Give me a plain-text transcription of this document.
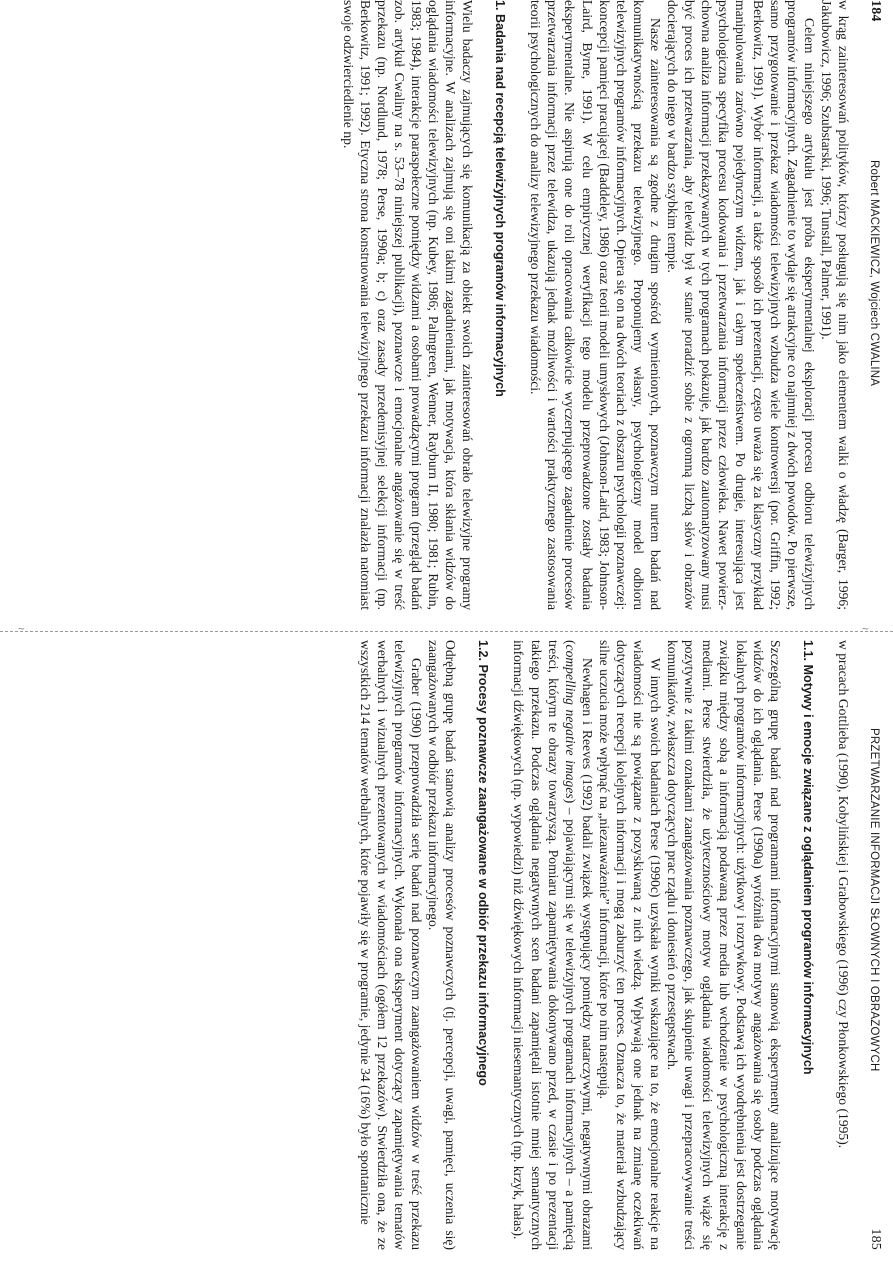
~	~
184
Robert MACKIEWICZ, Wojciech CWALINA

w krąg zainteresowań polityków, którzy posługują się nim jako elementem walki o władzę (Barger, 1996; Jakubowicz, 1996; Szubstarski, 1996; Tunstall, Palmer, 1991).

Celem niniejszego artykułu jest próba eksperymentalnej eksploracji procesu odbioru telewizyjnych programów informacyjnych. Zagadnienie to wydaje się atrakcyjne co najmniej z dwóch powodów. Po pierwsze, samo przygotowanie i przekaz wiadomości telewizyjnych wzbudza wiele kontrowersji (por. Griffin, 1992; Berkowitz, 1991). Wybór informacji, a także sposób ich prezentacji, często uważa się za klasyczny przykład manipulowania zarówno pojedynczym widzem, jak i całym społeczeństwem. Po drugie, interesująca jest psychologiczna specyfika procesu kodowania i przetwarzania informacji przez człowieka. Nawet powierzchowna analiza informacji przekazywanych w tych programach pokazuje, jak bardzo zautomatyzowany musi być proces ich przetwarzania, aby telewidz był w stanie poradzić sobie z ogromną liczbą słów i obrazów docierających do niego w bardzo szybkim tempie.

Nasze zainteresowania są zgodne z drugim spośród wymienionych, poznawczym nurtem badań nad komunikatywnością przekazu telewizyjnego. Proponujemy własny, psychologiczny model odbioru telewizyjnych programów informacyjnych. Opiera się on na dwóch teoriach z obszaru psychologii poznawczej: koncepcji pamięci pracującej (Baddeley, 1986) oraz teorii modeli umysłowych (Johnson-Laird, 1983; Johnson-Laird, Byrne, 1991). W celu empirycznej weryfikacji tego modelu przeprowadzone zostały badania eksperymentalne. Nie aspirują one do roli opracowania całkowicie wyczerpującego zagadnienie procesów przetwarzania informacji przez telewidza, ukazują jednak możliwości i wartości praktycznego zastosowania teorii psychologicznych do analizy telewizyjnego przekazu wiadomości.

1. Badania nad recepcją telewizyjnych programów informacyjnych

Wielu badaczy zajmujących się komunikacją za obiekt swoich zainteresowań obrało telewizyjne programy informacyjne. W analizach zajmują się oni takimi zagadnieniami, jak motywacja, która skłania widzów do oglądania wiadomości telewizyjnych (np. Kubey, 1986; Palmgreen, Wenner, Rayburn II, 1980; 1981; Rubin, 1983; 1984), interakcje paraspołeczne pomiędzy widzami a osobami prowadzącymi program (przegląd badań zob. artykuł Cwaliny na s. 53–78 niniejszej publikacji), poznawcze i emocjonalne angażowanie się w treść przekazu (np. Nordlund, 1978; Perse, 1990a; b; c) oraz zasady przedemisyjnej selekcji informacji (np. Berkowitz, 1991; 1992). Etyczna strona konstruowania telewizyjnego przekazu informacji znalazła natomiast swoje odzwierciedlenie np.

PRZETWARZANIE INFORMACJI SŁOWNYCH I OBRAZOWYCH
185

w pracach Gottlieba (1990), Kobylińskiej i Grabowskiego (1996) czy Płonkowskiego (1995).

1.1. Motywy i emocje związane z oglądaniem programów informacyjnych

Szczególną grupę badań nad programami informacyjnymi stanowią eksperymenty analizujące motywację widzów do ich oglądania. Perse (1990a) wyróżniła dwa motywy angażowania się osoby podczas oglądania lokalnych programów informacyjnych: użytkowy i rozrywkowy. Podstawą ich wyodrębnienia jest dostrzeganie związku między sobą a informacją podawaną przez media lub wchodzenie w psychologiczną interakcję z mediami. Perse stwierdziła, że użytecznościowy motyw oglądania wiadomości telewizyjnych wiąże się pozytywnie z takimi oznakami zaangażowania poznawczego, jak skupienie uwagi i przepracowywanie treści komunikatów, zwłaszcza dotyczących prac rządu i doniesień o przestępstwach.

W innych swoich badaniach Perse (1990c) uzyskała wyniki wskazujące na to, że emocjonalne reakcje na wiadomości nie są powiązane z pozyskiwaną z nich wiedzą. Wpływają one jednak na zmianę oczekiwań dotyczących recepcji kolejnych informacji i mogą zaburzyć ten proces. Oznacza to, że materiał wzbudzający silne uczucia może wpłynąć na „niezauważenie” informacji, które po nim następują.

Newhagen i Reeves (1992) badali związek występujący pomiędzy natarczywymi, negatywnymi obrazami (compelling negative images) – pojawiającymi się w telewizyjnych programach informacyjnych – a pamięcią treści, którym te obrazy towarzyszą. Pomiaru zapamiętywania dokonywano przed, w czasie i po prezentacji takiego przekazu. Podczas oglądania negatywnych scen badani zapamiętali istotnie mniej semantycznych informacji dźwiękowych (np. wypowiedzi) niż dźwiękowych informacji niesemantycznych (np. krzyk, hałas).

1.2. Procesy poznawcze zaangażowane w odbiór przekazu informacyjnego

Odrębną grupę badań stanowią analizy procesów poznawczych (tj. percepcji, uwagi, pamięci, uczenia się) zaangażowanych w odbiór przekazu informacyjnego.

Graber (1990) przeprowadziła serię badań nad poznawczym zaangażowaniem widzów w treść przekazu telewizyjnych programów informacyjnych. Wykonała ona eksperyment dotyczący zapamiętywania tematów werbalnych i wizualnych prezentowanych w wiadomościach (ogółem 12 przekazów). Stwierdziła ona, że ze wszystkich 214 tematów werbalnych, które pojawiły się w programie, jedynie 34 (16%) było spontanicznie
